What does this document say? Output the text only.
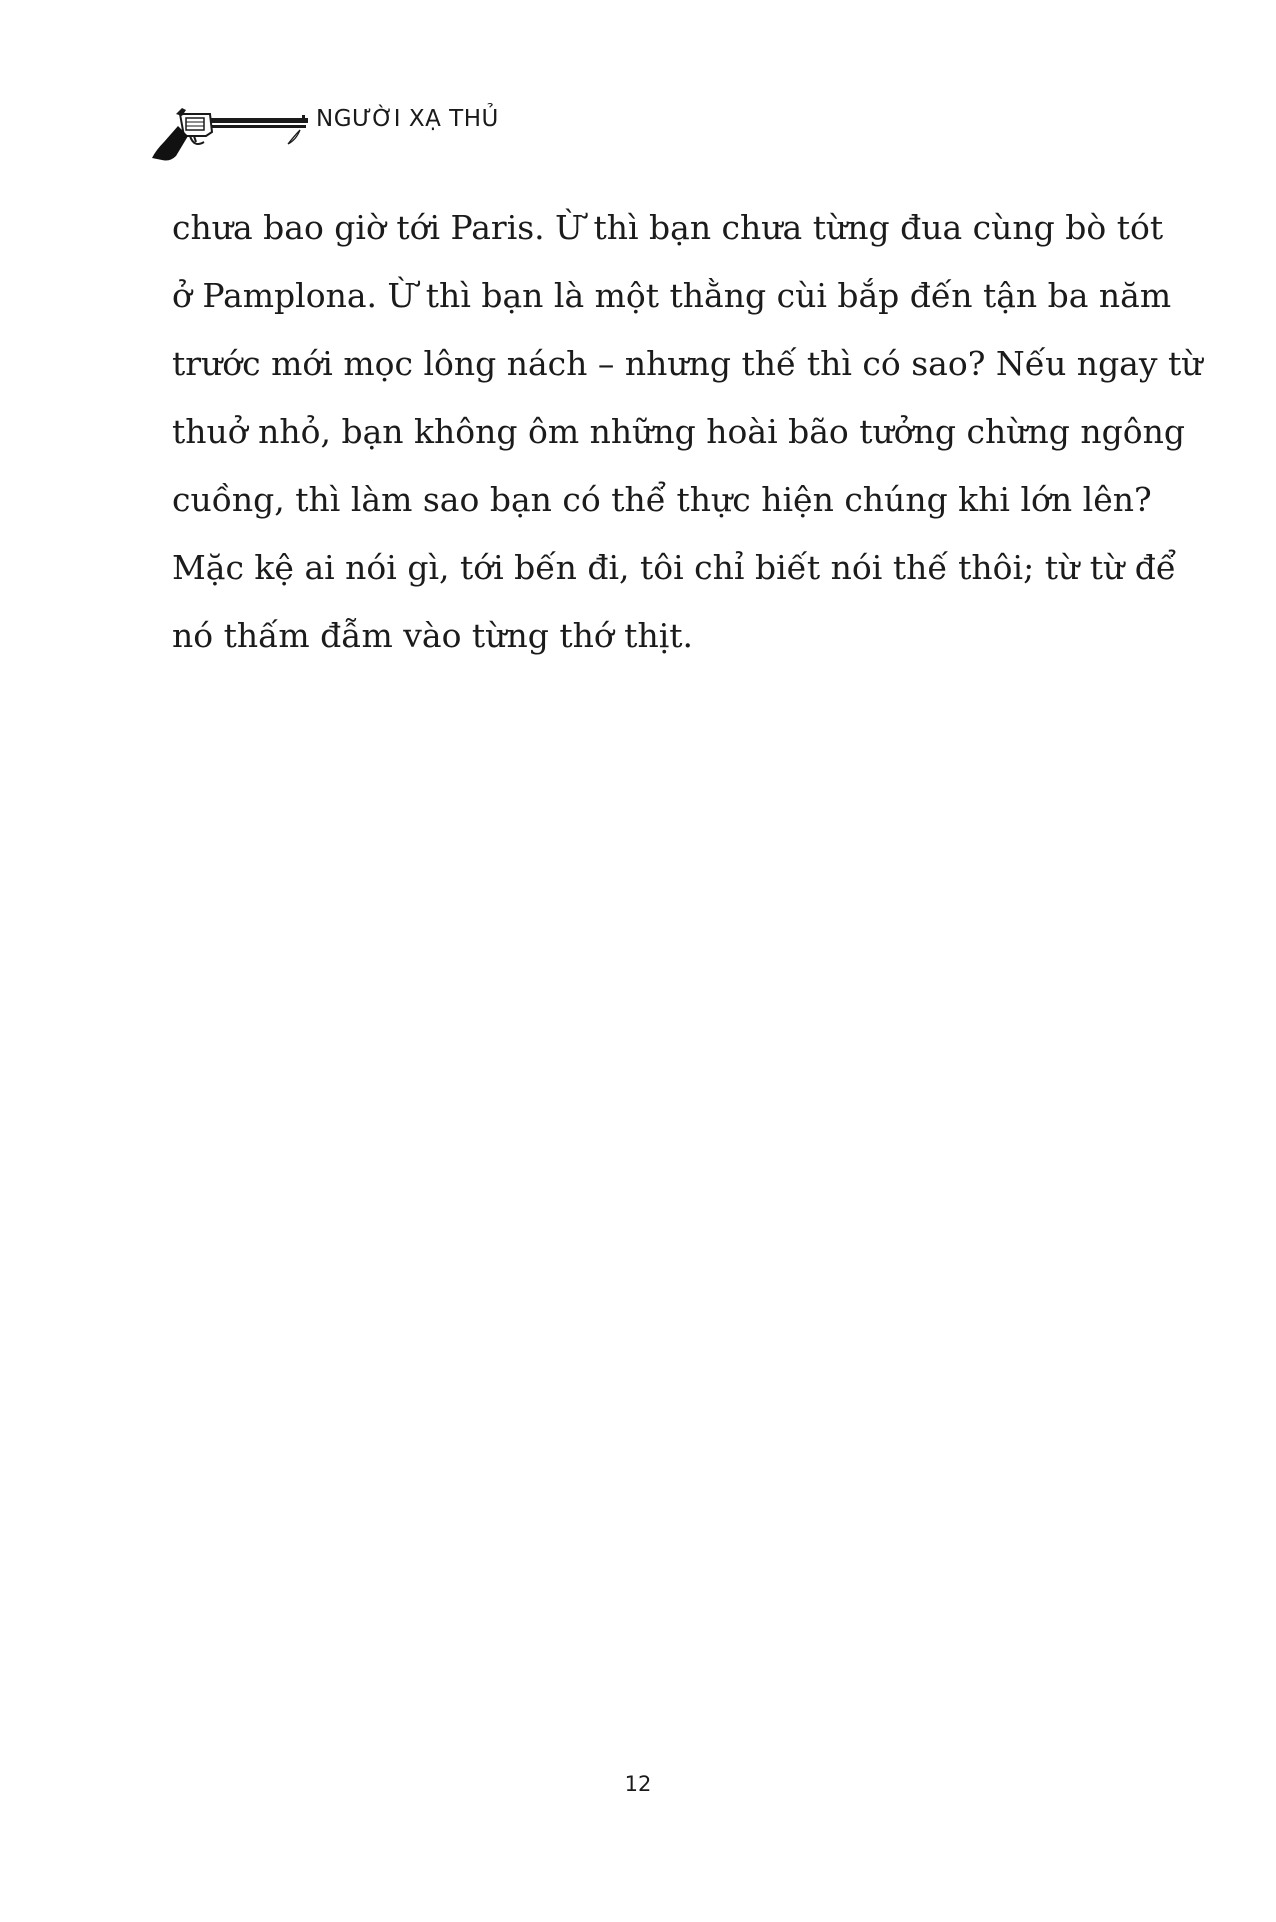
NGƯỜI XẠ THỦ
chưa bao giờ tới Paris. Ừ thì bạn chưa từng đua cùng bò tót
ở Pamplona. Ừ thì bạn là một thằng cùi bắp đến tận ba năm
trước mới mọc lông nách – nhưng thế thì có sao? Nếu ngay từ
thuở nhỏ, bạn không ôm những hoài bão tưởng chừng ngông
cuồng, thì làm sao bạn có thể thực hiện chúng khi lớn lên?
Mặc kệ ai nói gì, tới bến đi, tôi chỉ biết nói thế thôi; từ từ để
nó thấm đẫm vào từng thớ thịt.
12
